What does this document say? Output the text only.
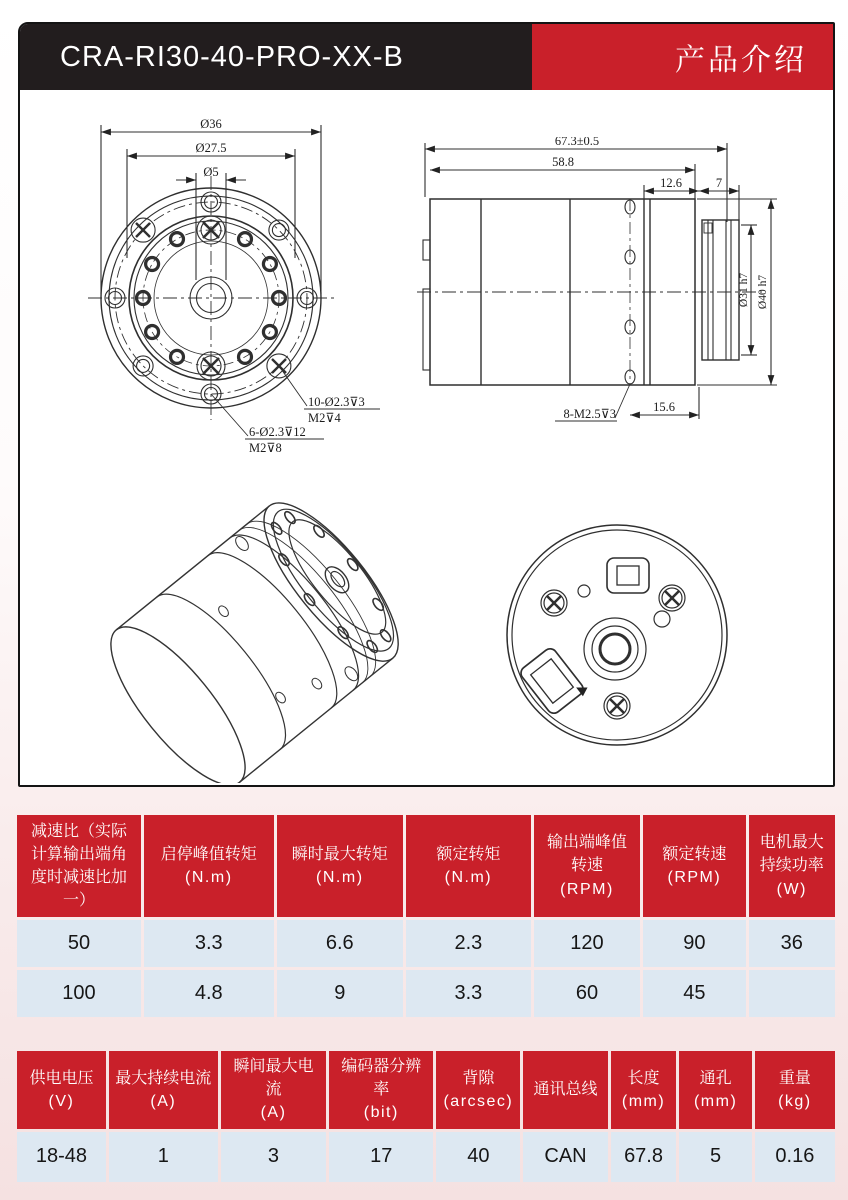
CRA-RI30-40-PRO-XX-B	产品介绍
Ø36
Ø27.5
Ø5
10-Ø2.3⊽3
M2⊽4
6-Ø2.3⊽12
M2⊽8
67.3±0.5
58.8
12.6	7
15.6
Ø31 h7 Ø40 h7
8-M2.5⊽3
减速比（实际计算输出端角度时减速比加一）

启停峰值转矩
(N.m)

瞬时最大转矩
(N.m)

额定转矩
(N.m)

输出端峰值转速
(RPM)

额定转速
(RPM)

电机最大持续功率
(W)

50	3.3	6.6	2.3	120	90	36
100	4.8	9	3.3	60	45	
供电电压
(V)

最大持续电流
(A)

瞬间最大电流
(A)

编码器分辨率
(bit)

背隙
(arcsec)

通讯总线

长度
(mm)

通孔
(mm)

重量
(kg)

18-48	1	3	17	40	CAN	67.8	5	0.16
